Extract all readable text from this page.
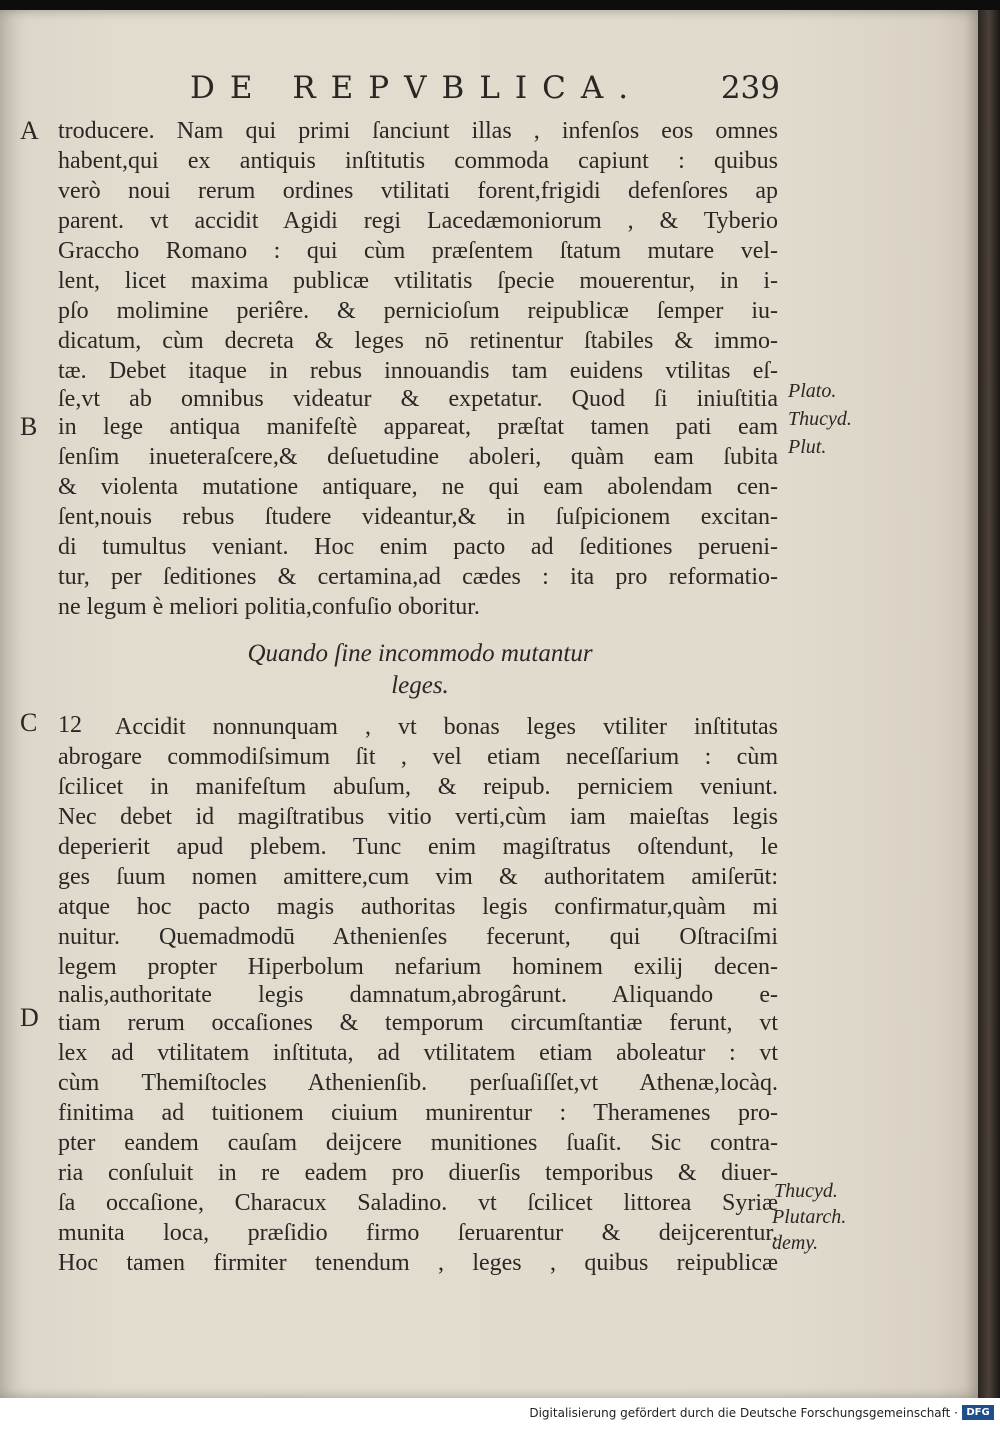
DE REPVBLICA.	239
A
B
C
D
troducere. Nam qui primi ſanciunt illas , infenſos eos omnes
habent,qui ex antiquis inſtitutis commoda capiunt : quibus
verò noui rerum ordines vtilitati forent,frigidi defenſores ap
parent. vt accidit Agidi regi Lacedæmoniorum , & Tyberio
Graccho Romano : qui cùm præſentem ſtatum mutare vel-
lent, licet maxima publicæ vtilitatis ſpecie mouerentur, in i-
pſo molimine periêre. & pernicioſum reipublicæ ſemper iu-
dicatum, cùm decreta & leges nō retinentur ſtabiles & immo-
tæ. Debet itaque in rebus innouandis tam euidens vtilitas eſ-
ſe,vt ab omnibus videatur & expetatur. Quod ſi iniuſtitia
in lege antiqua manifeſtè appareat, præſtat tamen pati eam
ſenſim inueteraſcere,& deſuetudine aboleri, quàm eam ſubita
& violenta mutatione antiquare, ne qui eam abolendam cen-
ſent,nouis rebus ſtudere videantur,& in ſuſpicionem excitan-
di tumultus veniant. Hoc enim pacto ad ſeditiones perueni-
tur, per ſeditiones & certamina,ad cædes : ita pro reformatio-
ne legum è meliori politia,confuſio oboritur.
Quando ſine incommodo mutantur
leges.
12 Accidit nonnunquam , vt bonas leges vtiliter inſtitutas
abrogare commodiſsimum ſit , vel etiam neceſſarium : cùm
ſcilicet in manifeſtum abuſum, & reipub. perniciem veniunt.
Nec debet id magiſtratibus vitio verti,cùm iam maieſtas legis
deperierit apud plebem. Tunc enim magiſtratus oſtendunt, le
ges ſuum nomen amittere,cum vim & authoritatem amiſerūt:
atque hoc pacto magis authoritas legis confirmatur,quàm mi
nuitur. Quemadmodū Athenienſes fecerunt, qui Oſtraciſmi
legem propter Hiperbolum nefarium hominem exilij decen-
nalis,authoritate legis damnatum,abrogârunt. Aliquando e-
tiam rerum occaſiones & temporum circumſtantiæ ferunt, vt
lex ad vtilitatem inſtituta, ad vtilitatem etiam aboleatur : vt
cùm Themiſtocles Athenienſib. perſuaſiſſet,vt Athenæ,locàq.
finitima ad tuitionem ciuium munirentur : Theramenes pro-
pter eandem cauſam deijcere munitiones ſuaſit. Sic contra-
ria conſuluit in re eadem pro diuerſis temporibus & diuer-
ſa occaſione, Characux Saladino. vt ſcilicet littorea Syriæ
munita loca, præſidio firmo ſeruarentur & deijcerentur.
Hoc tamen firmiter tenendum , leges , quibus reipublicæ
Plato.
Thucyd.
Plut.
Thucyd.
Plutarch.
demy.
Digitalisierung gefördert durch die Deutsche Forschungsgemeinschaft · DFG
